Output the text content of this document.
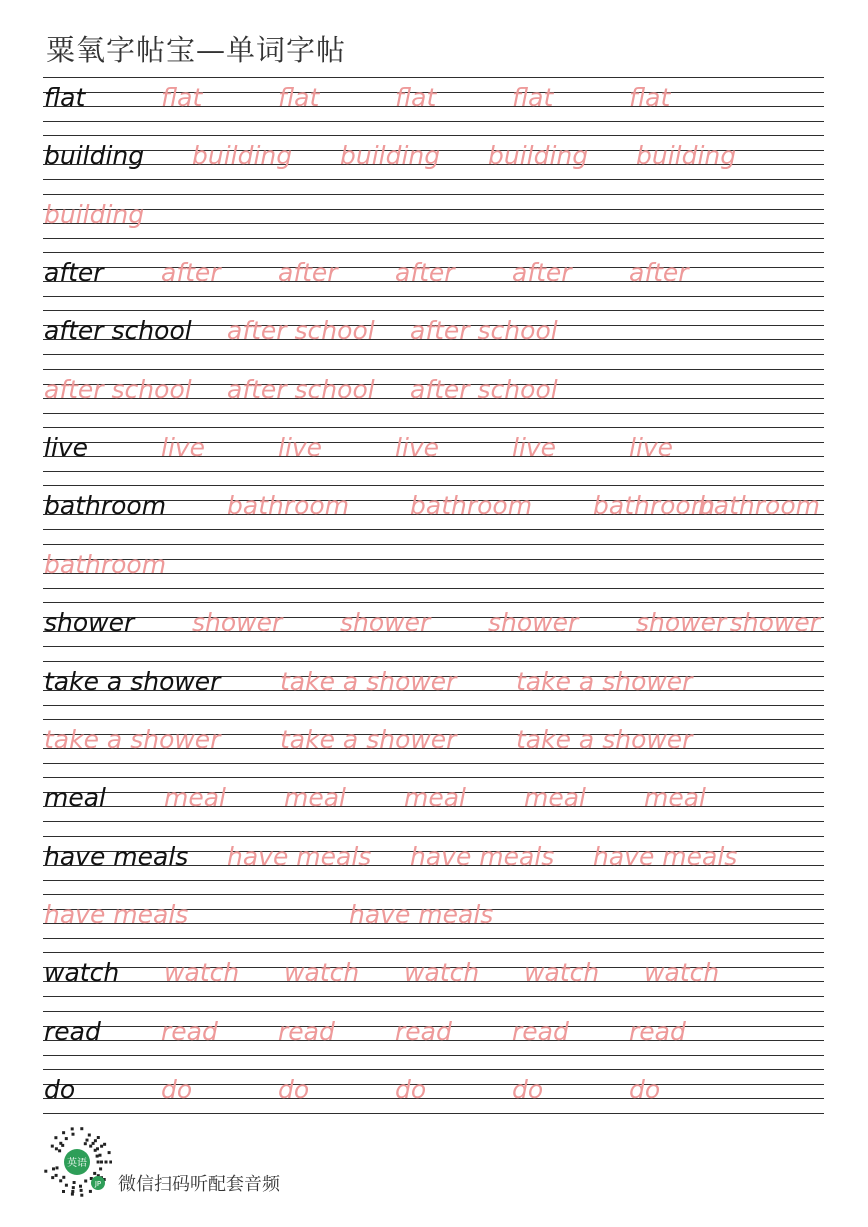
粟氧字帖宝—单词字帖
flat	flat	flat	flat	flat	flat
building building building building building
building
after after after after after after
after school after school after school
after school after school after school
live	live	live	live	live	live
bathroom bathroom bathroom bathroom
bathroom
bathroom
shower shower shower shower shower shower
take a shower take a shower take a shower
take a shower take a shower take a shower
meal meal meal meal meal meal
have meals have meals have meals have meals
have meals	have meals
watch watch watch watch watch watch
read read read read read read
do	do	do	do	do	do
英语
JP 微信扫码听配套音频
